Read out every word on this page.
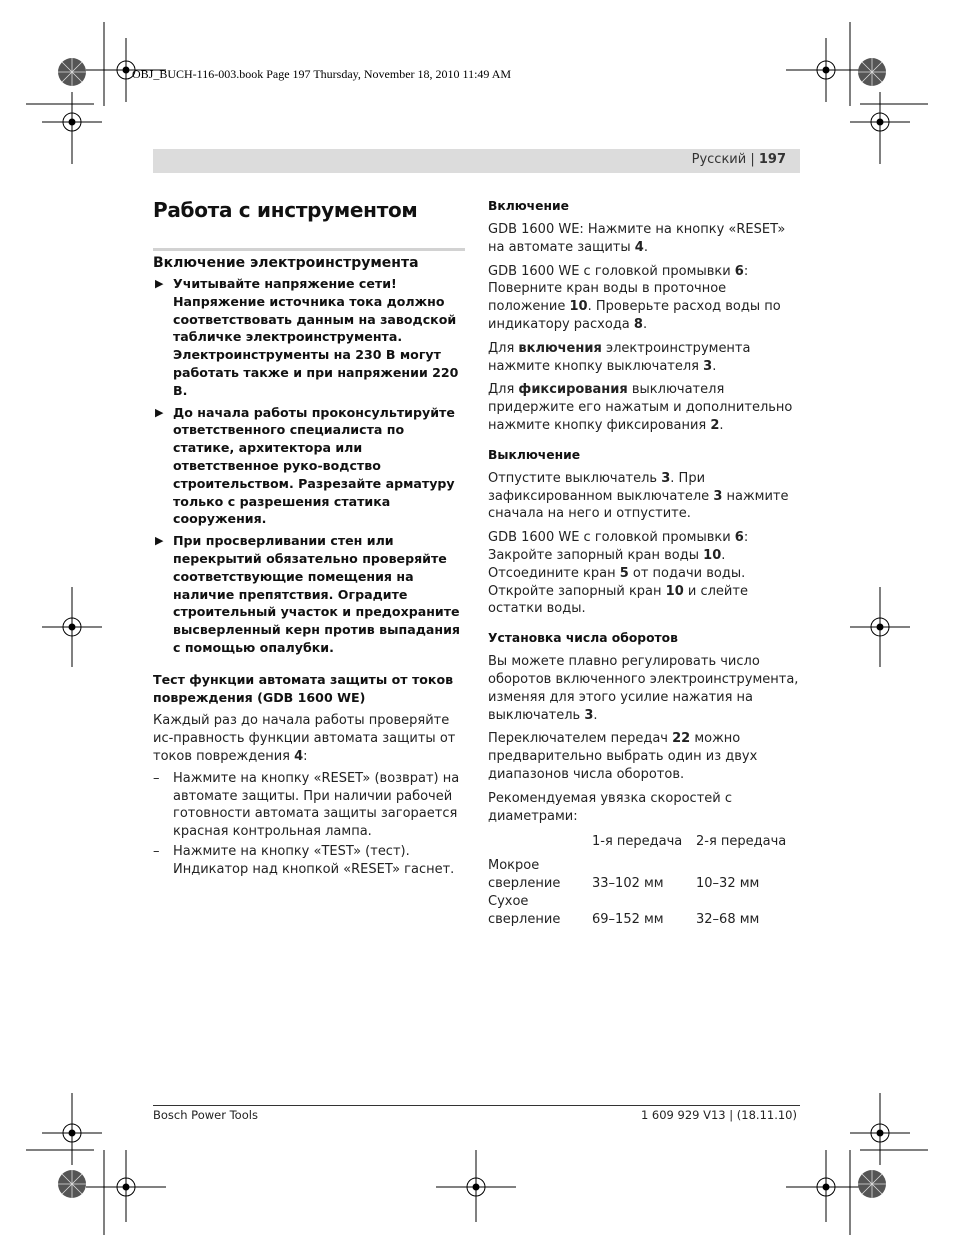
OBJ_BUCH-116-003.book Page 197 Thursday, November 18, 2010 11:49 AM
Русский | 197
Работа с инструментом
Включение электроинструмента
▶ Учитывайте напряжение сети! Напряжение источника тока должно соответствовать данным на заводской табличке электроинструмента. Электроинструменты на 230 В могут работать также и при напряжении 220 В.
▶ До начала работы проконсультируйте ответственного специалиста по статике, архитектора или ответственное руко-водство строительством. Разрезайте арматуру только с разрешения статика сооружения.
▶ При просверливании стен или перекрытий обязательно проверяйте соответствующие помещения на наличие препятствия. Оградите строительный участок и предохраните высверленный керн против выпадания с помощью опалубки.
Тест функции автомата защиты от токов повреждения (GDB 1600 WE)
Каждый раз до начала работы проверяйте ис-правность функции автомата защиты от токов повреждения 4:
– Нажмите на кнопку «RESET» (возврат) на автомате защиты. При наличии рабочей готовности автомата защиты загорается красная контрольная лампа.
– Нажмите на кнопку «TEST» (тест). Индикатор над кнопкой «RESET» гаснет.
Включение
GDB 1600 WE: Нажмите на кнопку «RESET» на автомате защиты 4.
GDB 1600 WE с головкой промывки 6: Поверните кран воды в проточное положение 10. Проверьте расход воды по индикатору расхода 8.
Для включения электроинструмента нажмите кнопку выключателя 3.
Для фиксирования выключателя придержите его нажатым и дополнительно нажмите кнопку фиксирования 2.
Выключение
Отпустите выключатель 3. При зафиксированном выключателе 3 нажмите сначала на него и отпустите.
GDB 1600 WE с головкой промывки 6: Закройте запорный кран воды 10. Отсоедините кран 5 от подачи воды. Откройте запорный кран 10 и слейте остатки воды.
Установка числа оборотов
Вы можете плавно регулировать число оборотов включенного электроинструмента, изменяя для этого усилие нажатия на выключатель 3.
Переключателем передач 22 можно предварительно выбрать один из двух диапазонов числа оборотов.
Рекомендуемая увязка скоростей с диаметрами:
	1-я передача	2-я передача
Мокрое
сверление	33–102 мм	10–32 мм
Сухое
сверление	69–152 мм	32–68 мм
Bosch Power Tools	1 609 929 V13 | (18.11.10)
